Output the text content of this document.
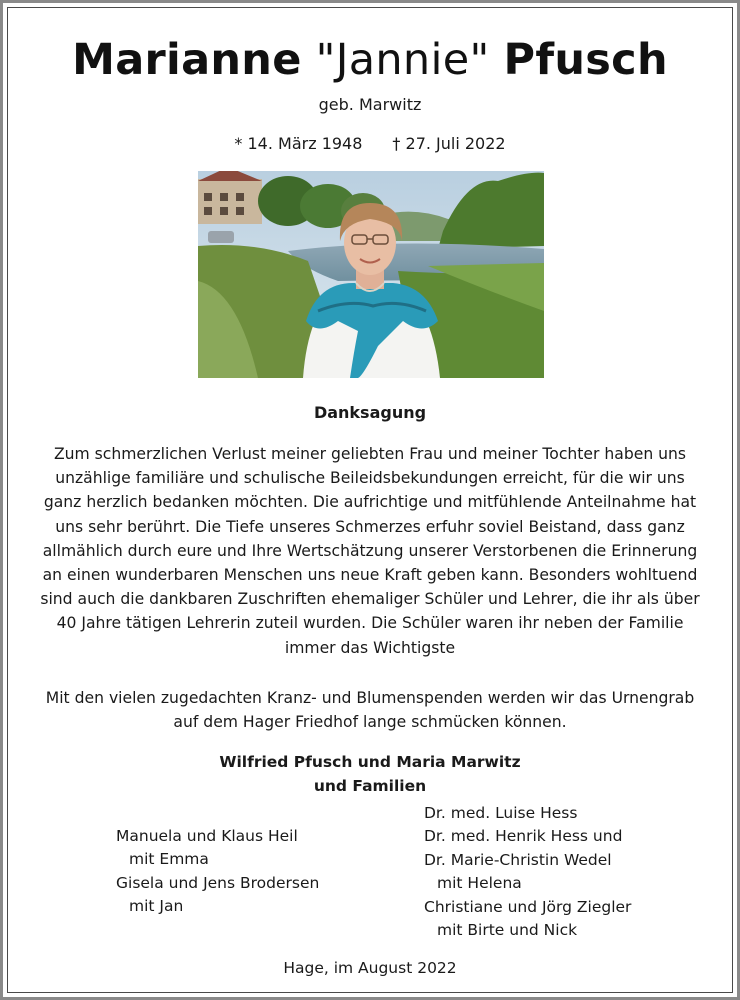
Marianne "Jannie" Pfusch
geb. Marwitz
* 14. März 1948 † 27. Juli 2022
Danksagung
Zum schmerzlichen Verlust meiner geliebten Frau und meiner Tochter haben uns unzählige familiäre und schulische Beileidsbekundungen erreicht, für die wir uns ganz herzlich bedanken möchten. Die aufrichtige und mitfühlende Anteilnahme hat uns sehr berührt. Die Tiefe unseres Schmerzes erfuhr soviel Beistand, dass ganz allmählich durch eure und Ihre Wertschätzung unserer Verstorbenen die Erinnerung an einen wunderbaren Menschen uns neue Kraft geben kann. Besonders wohltuend sind auch die dankbaren Zuschriften ehemaliger Schüler und Lehrer, die ihr als über 40 Jahre tätigen Lehrerin zuteil wurden. Die Schüler waren ihr neben der Familie immer das Wichtigste
Mit den vielen zugedachten Kranz- und Blumenspenden werden wir das Urnengrab auf dem Hager Friedhof lange schmücken können.
Wilfried Pfusch und Maria Marwitz
und Familien
Manuela und Klaus Heil
mit Emma
Gisela und Jens Brodersen
mit Jan
Dr. med. Luise Hess
Dr. med. Henrik Hess und
Dr. Marie-Christin Wedel
mit Helena
Christiane und Jörg Ziegler
mit Birte und Nick
Hage, im August 2022
